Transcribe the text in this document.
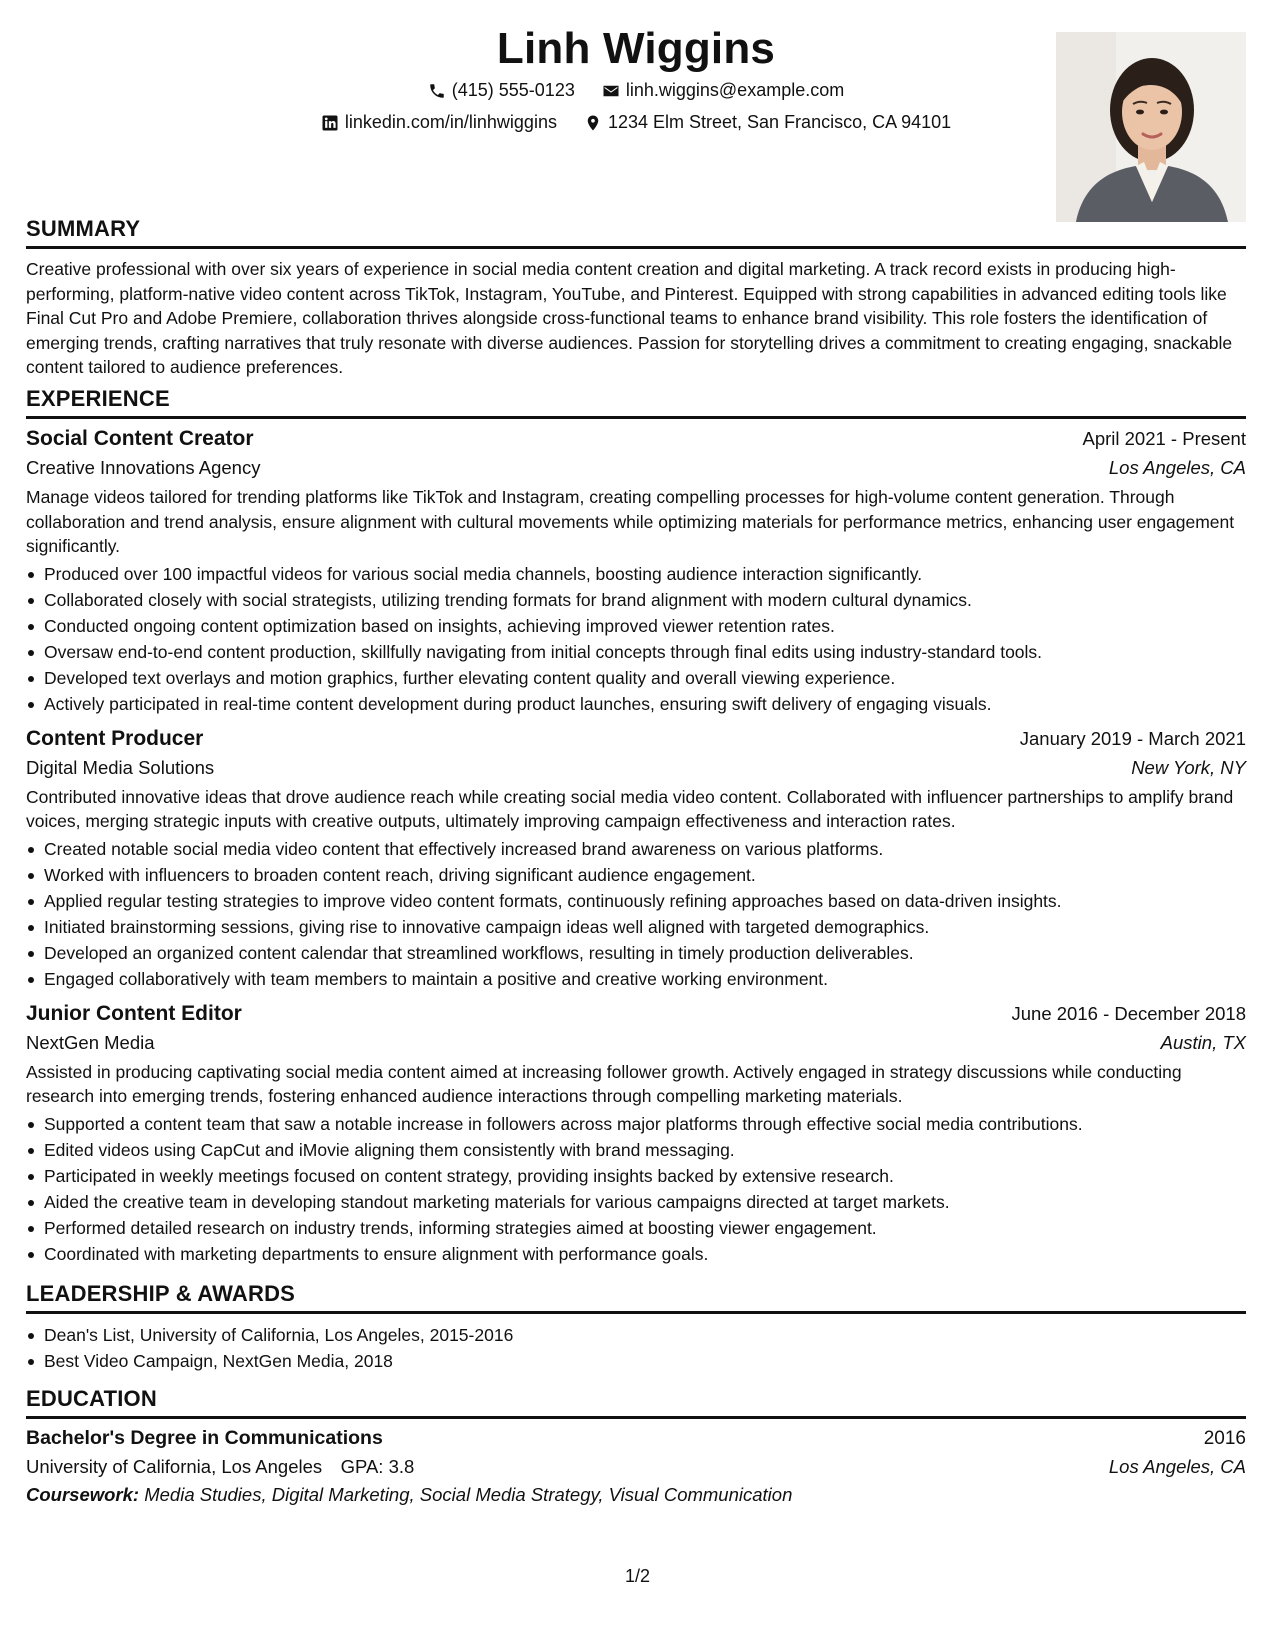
Linh Wiggins
(415) 555-0123
	linh.wiggins@example.com
linkedin.com/in/linhwiggins
	1234 Elm Street, San Francisco, CA 94101
SUMMARY

Creative professional with over six years of experience in social media content creation and digital marketing. A track record exists in producing high-performing, platform-native video content across TikTok, Instagram, YouTube, and Pinterest. Equipped with strong capabilities in advanced editing tools like Final Cut Pro and Adobe Premiere, collaboration thrives alongside cross-functional teams to enhance brand visibility. This role fosters the identification of emerging trends, crafting narratives that truly resonate with diverse audiences. Passion for storytelling drives a commitment to creating engaging, snackable content tailored to audience preferences.

EXPERIENCE
Social Content Creator	April 2021 - Present
Creative Innovations Agency	Los Angeles, CA

Manage videos tailored for trending platforms like TikTok and Instagram, creating compelling processes for high-volume content generation. Through collaboration and trend analysis, ensure alignment with cultural movements while optimizing materials for performance metrics, enhancing user engagement significantly.

Produced over 100 impactful videos for various social media channels, boosting audience interaction significantly.
Collaborated closely with social strategists, utilizing trending formats for brand alignment with modern cultural dynamics.
Conducted ongoing content optimization based on insights, achieving improved viewer retention rates.
Oversaw end-to-end content production, skillfully navigating from initial concepts through final edits using industry-standard tools.
Developed text overlays and motion graphics, further elevating content quality and overall viewing experience.
Actively participated in real-time content development during product launches, ensuring swift delivery of engaging visuals.
Content Producer	January 2019 - March 2021
Digital Media Solutions	New York, NY

Contributed innovative ideas that drove audience reach while creating social media video content. Collaborated with influencer partnerships to amplify brand voices, merging strategic inputs with creative outputs, ultimately improving campaign effectiveness and interaction rates.

Created notable social media video content that effectively increased brand awareness on various platforms.
Worked with influencers to broaden content reach, driving significant audience engagement.
Applied regular testing strategies to improve video content formats, continuously refining approaches based on data-driven insights.
Initiated brainstorming sessions, giving rise to innovative campaign ideas well aligned with targeted demographics.
Developed an organized content calendar that streamlined workflows, resulting in timely production deliverables.
Engaged collaboratively with team members to maintain a positive and creative working environment.
Junior Content Editor	June 2016 - December 2018
NextGen Media	Austin, TX

Assisted in producing captivating social media content aimed at increasing follower growth. Actively engaged in strategy discussions while conducting research into emerging trends, fostering enhanced audience interactions through compelling marketing materials.

Supported a content team that saw a notable increase in followers across major platforms through effective social media contributions.
Edited videos using CapCut and iMovie aligning them consistently with brand messaging.
Participated in weekly meetings focused on content strategy, providing insights backed by extensive research.
Aided the creative team in developing standout marketing materials for various campaigns directed at target markets.
Performed detailed research on industry trends, informing strategies aimed at boosting viewer engagement.
Coordinated with marketing departments to ensure alignment with performance goals.
LEADERSHIP & AWARDS
Dean's List, University of California, Los Angeles, 2015-2016
Best Video Campaign, NextGen Media, 2018
EDUCATION
Bachelor's Degree in Communications	2016
University of California, Los Angeles GPA: 3.8	Los Angeles, CA
Coursework: Media Studies, Digital Marketing, Social Media Strategy, Visual Communication
1/2
